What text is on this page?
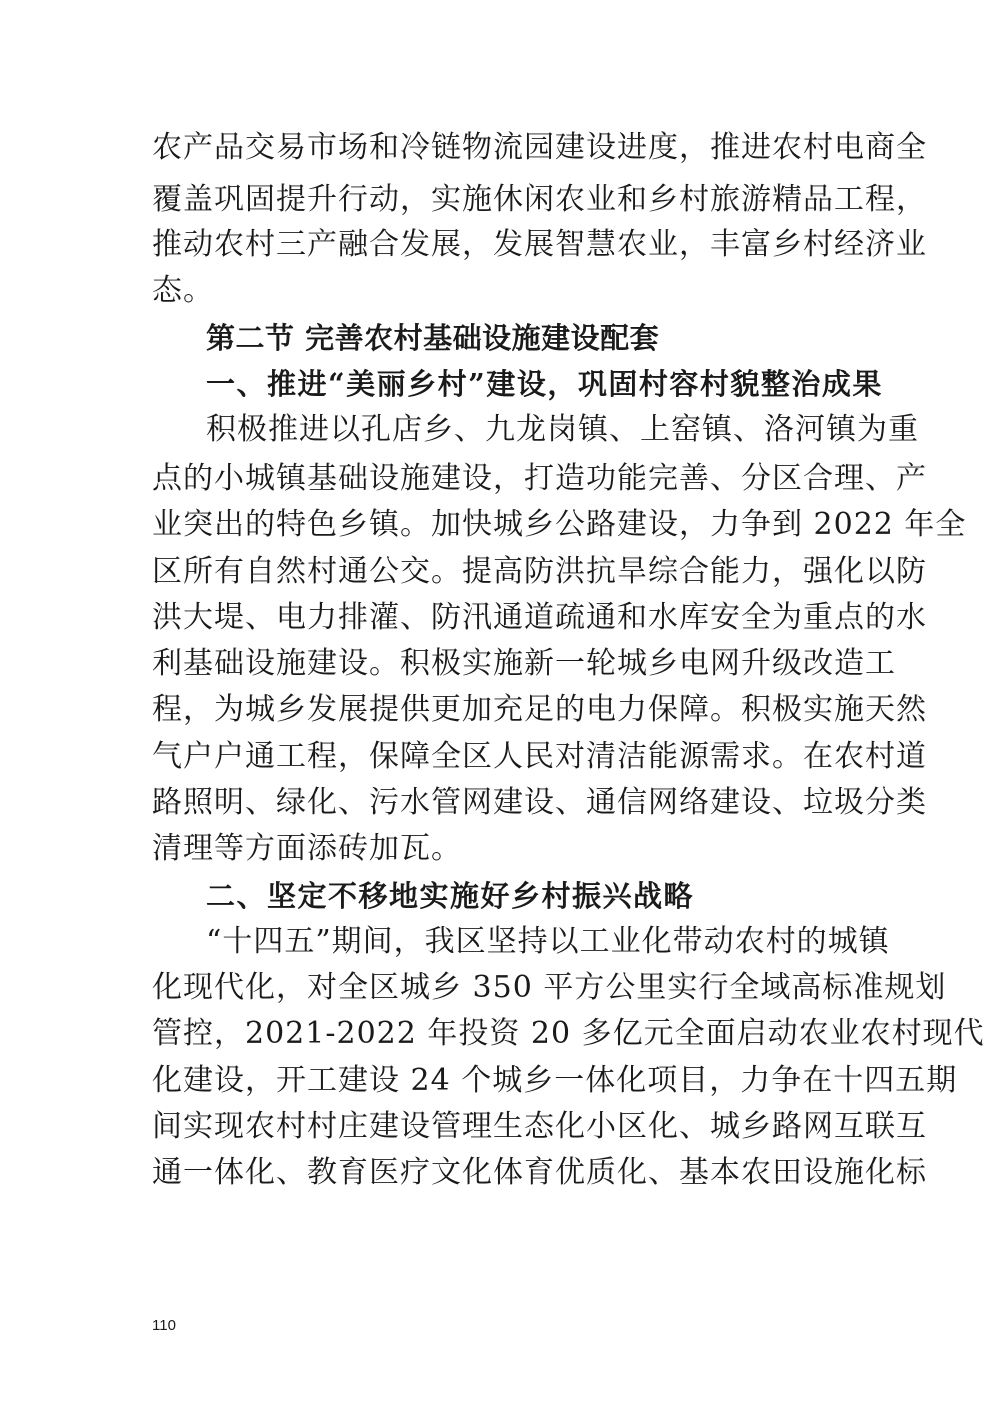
农产品交易市场和冷链物流园建设进度，推进农村电商全
覆盖巩固提升行动，实施休闲农业和乡村旅游精品工程，
推动农村三产融合发展，发展智慧农业，丰富乡村经济业
态。
第二节 完善农村基础设施建设配套
一、推进“美丽乡村”建设，巩固村容村貌整治成果
积极推进以孔店乡、九龙岗镇、上窑镇、洛河镇为重
点的小城镇基础设施建设，打造功能完善、分区合理、产
业突出的特色乡镇。加快城乡公路建设，力争到 2022 年全
区所有自然村通公交。提高防洪抗旱综合能力，强化以防
洪大堤、电力排灌、防汛通道疏通和水库安全为重点的水
利基础设施建设。积极实施新一轮城乡电网升级改造工
程，为城乡发展提供更加充足的电力保障。积极实施天然
气户户通工程，保障全区人民对清洁能源需求。在农村道
路照明、绿化、污水管网建设、通信网络建设、垃圾分类
清理等方面添砖加瓦。
二、坚定不移地实施好乡村振兴战略
“十四五”期间，我区坚持以工业化带动农村的城镇
化现代化，对全区城乡 350 平方公里实行全域高标准规划
管控，2021-2022 年投资 20 多亿元全面启动农业农村现代
化建设，开工建设 24 个城乡一体化项目，力争在十四五期
间实现农村村庄建设管理生态化小区化、城乡路网互联互
通一体化、教育医疗文化体育优质化、基本农田设施化标
110
